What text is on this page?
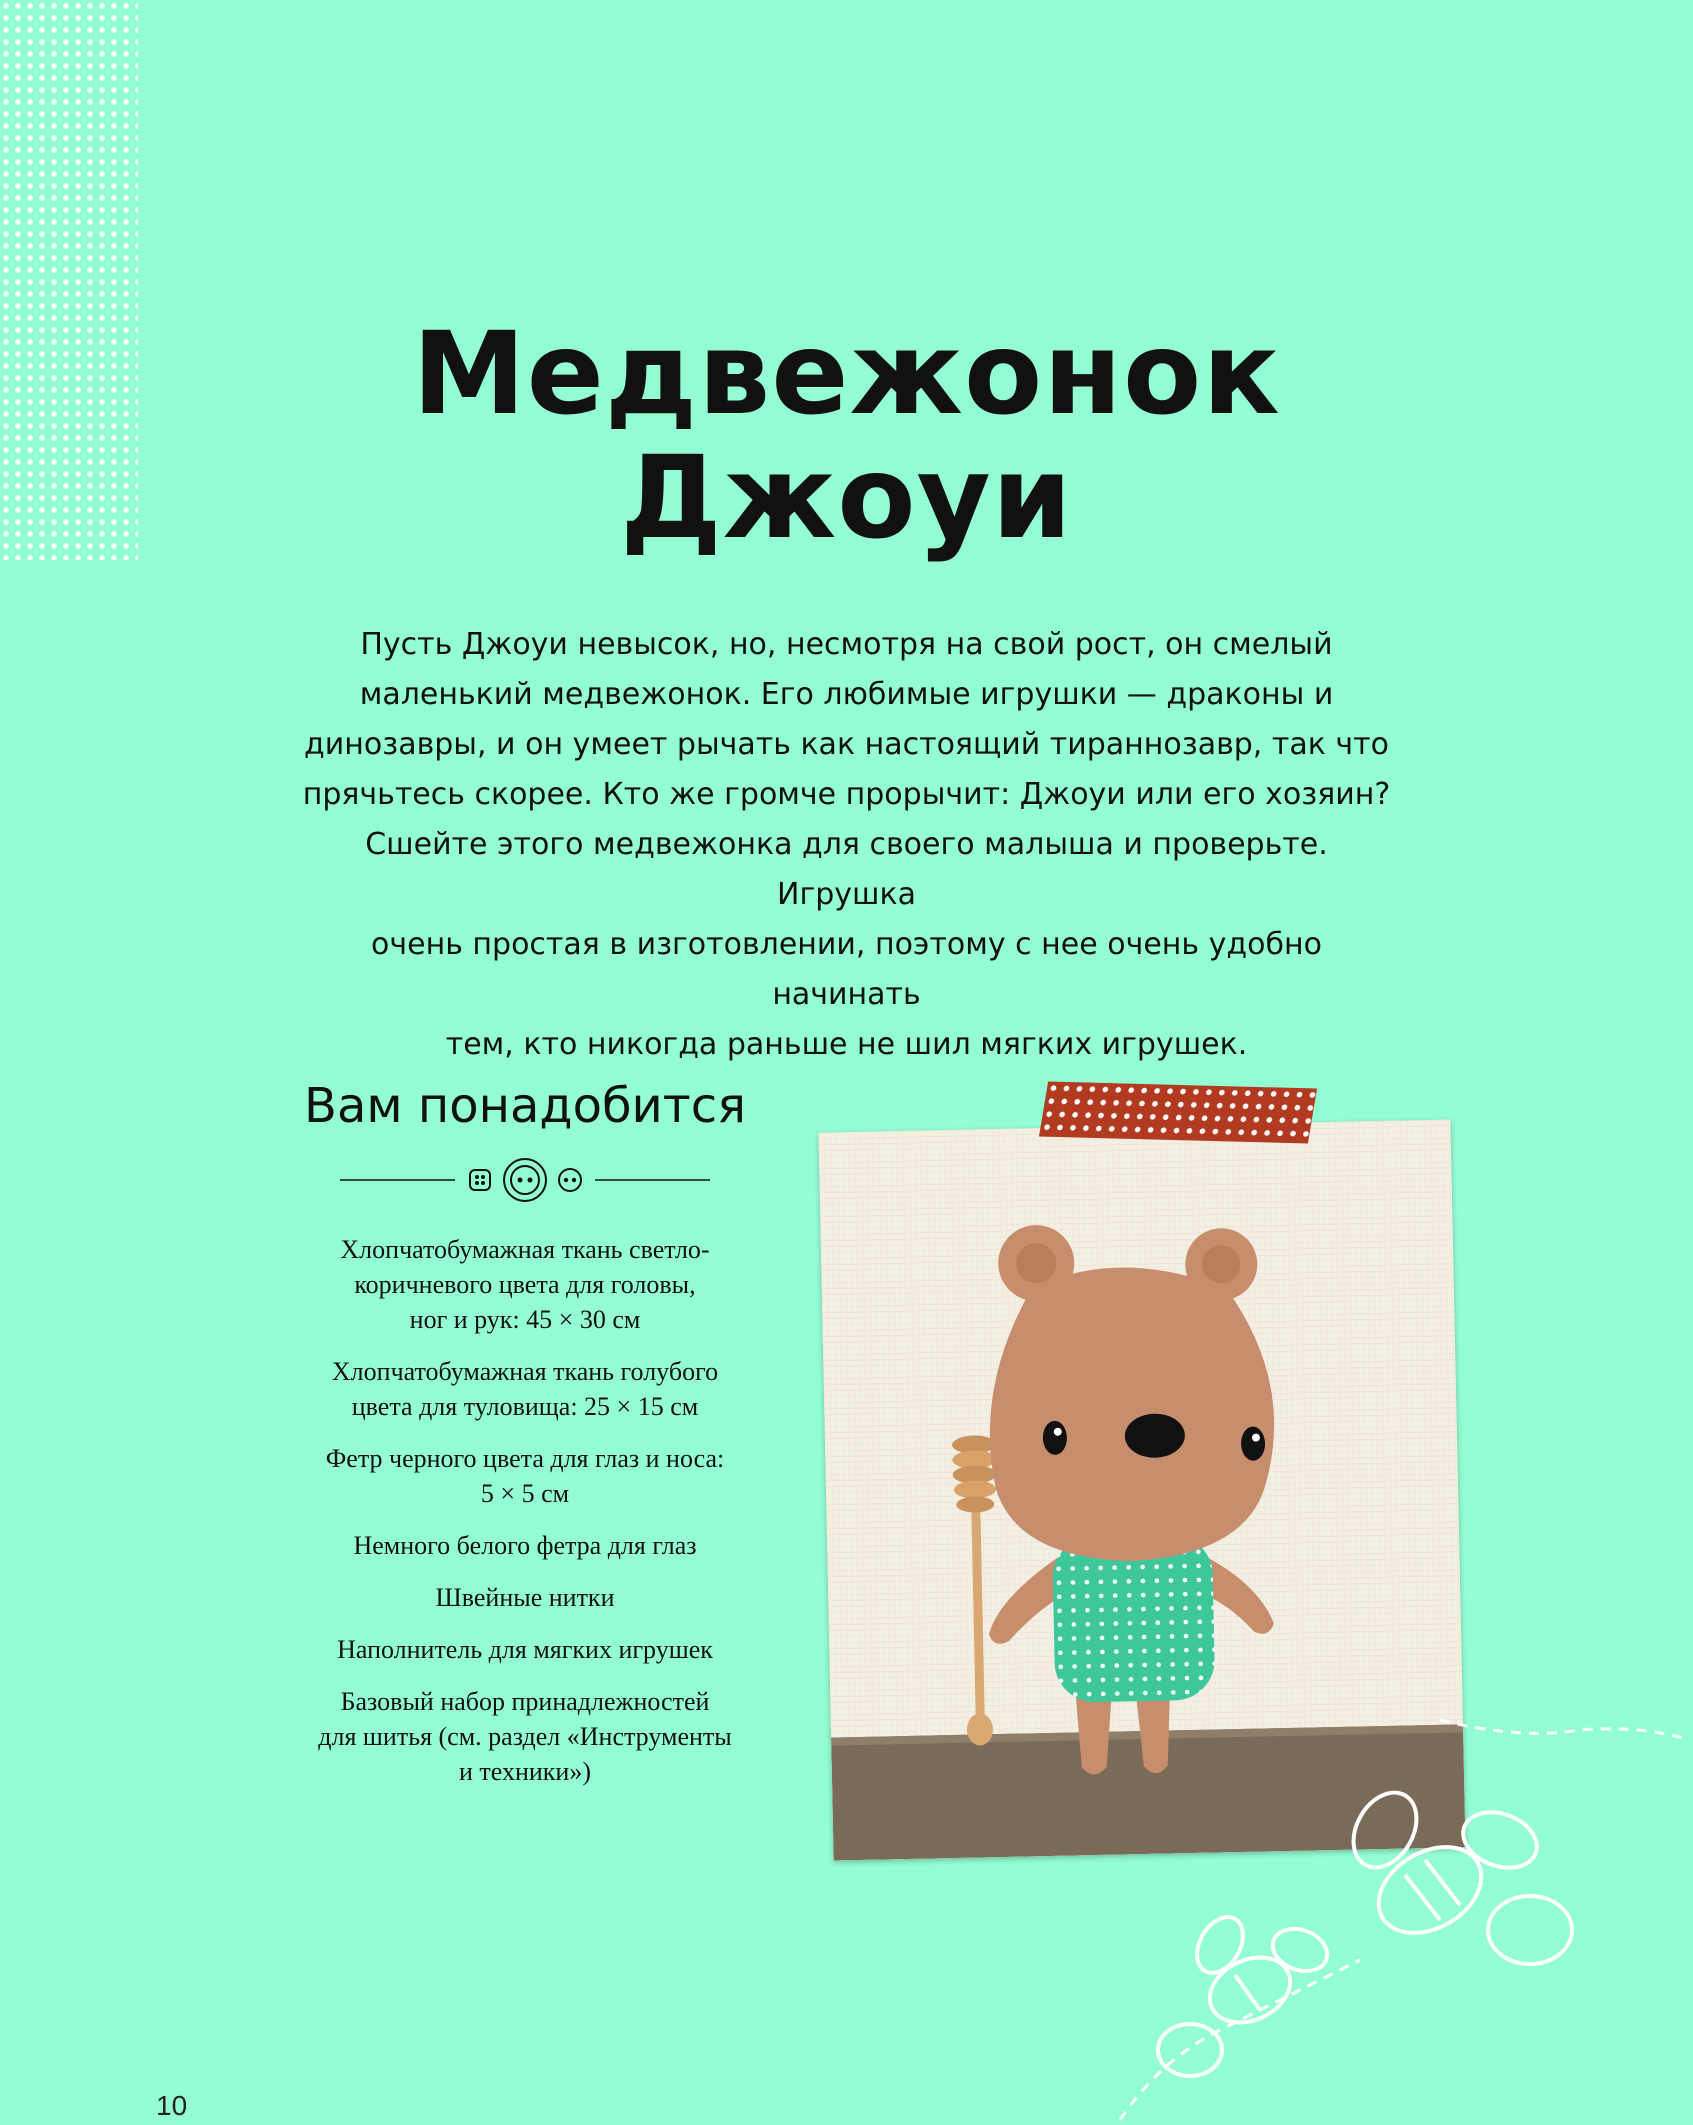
Медвежонок
Джоуи

Пусть Джоуи невысок, но, несмотря на свой рост, он смелый

маленький медвежонок. Его любимые игрушки — драконы и

динозавры, и он умеет рычать как настоящий тираннозавр, так что

прячьтесь скорее. Кто же громче прорычит: Джоуи или его хозяин?

Сшейте этого медвежонка для своего малыша и проверьте. Игрушка

очень простая в изготовлении, поэтому с нее очень удобно начинать

тем, кто никогда раньше не шил мягких игрушек.

Вам понадобится
Хлопчатобумажная ткань светло-
коричневого цвета для головы,
ног и рук: 45 × 30 см
Хлопчатобумажная ткань голубого
цвета для туловища: 25 × 15 см
Фетр черного цвета для глаз и носа:
5 × 5 см
Немного белого фетра для глаз
Швейные нитки
Наполнитель для мягких игрушек
Базовый набор принадлежностей
для шитья (см. раздел «Инструменты
и техники»)
10
